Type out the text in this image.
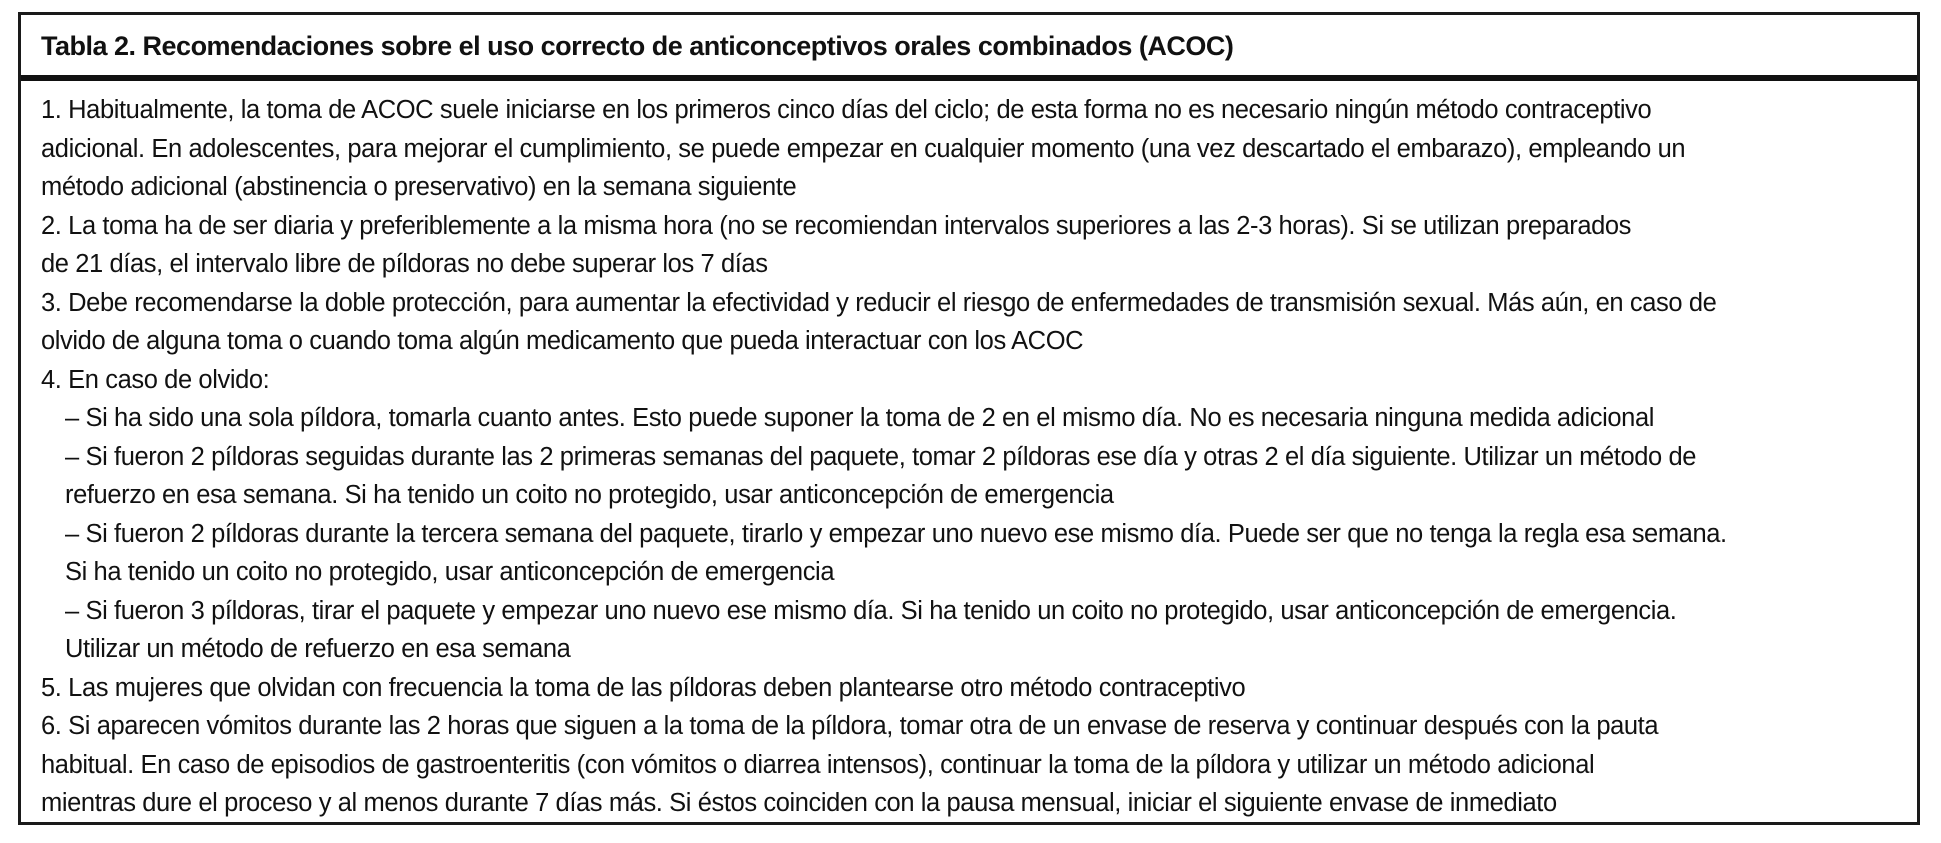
Tabla 2. Recomendaciones sobre el uso correcto de anticonceptivos orales combinados (ACOC)
1. Habitualmente, la toma de ACOC suele iniciarse en los primeros cinco días del ciclo; de esta forma no es necesario ningún método contraceptivo
adicional. En adolescentes, para mejorar el cumplimiento, se puede empezar en cualquier momento (una vez descartado el embarazo), empleando un
método adicional (abstinencia o preservativo) en la semana siguiente
2. La toma ha de ser diaria y preferiblemente a la misma hora (no se recomiendan intervalos superiores a las 2-3 horas). Si se utilizan preparados
de 21 días, el intervalo libre de píldoras no debe superar los 7 días
3. Debe recomendarse la doble protección, para aumentar la efectividad y reducir el riesgo de enfermedades de transmisión sexual. Más aún, en caso de
olvido de alguna toma o cuando toma algún medicamento que pueda interactuar con los ACOC
4. En caso de olvido:
– Si ha sido una sola píldora, tomarla cuanto antes. Esto puede suponer la toma de 2 en el mismo día. No es necesaria ninguna medida adicional
– Si fueron 2 píldoras seguidas durante las 2 primeras semanas del paquete, tomar 2 píldoras ese día y otras 2 el día siguiente. Utilizar un método de
refuerzo en esa semana. Si ha tenido un coito no protegido, usar anticoncepción de emergencia
– Si fueron 2 píldoras durante la tercera semana del paquete, tirarlo y empezar uno nuevo ese mismo día. Puede ser que no tenga la regla esa semana.
Si ha tenido un coito no protegido, usar anticoncepción de emergencia
– Si fueron 3 píldoras, tirar el paquete y empezar uno nuevo ese mismo día. Si ha tenido un coito no protegido, usar anticoncepción de emergencia.
Utilizar un método de refuerzo en esa semana
5. Las mujeres que olvidan con frecuencia la toma de las píldoras deben plantearse otro método contraceptivo
6. Si aparecen vómitos durante las 2 horas que siguen a la toma de la píldora, tomar otra de un envase de reserva y continuar después con la pauta
habitual. En caso de episodios de gastroenteritis (con vómitos o diarrea intensos), continuar la toma de la píldora y utilizar un método adicional
mientras dure el proceso y al menos durante 7 días más. Si éstos coinciden con la pausa mensual, iniciar el siguiente envase de inmediato
